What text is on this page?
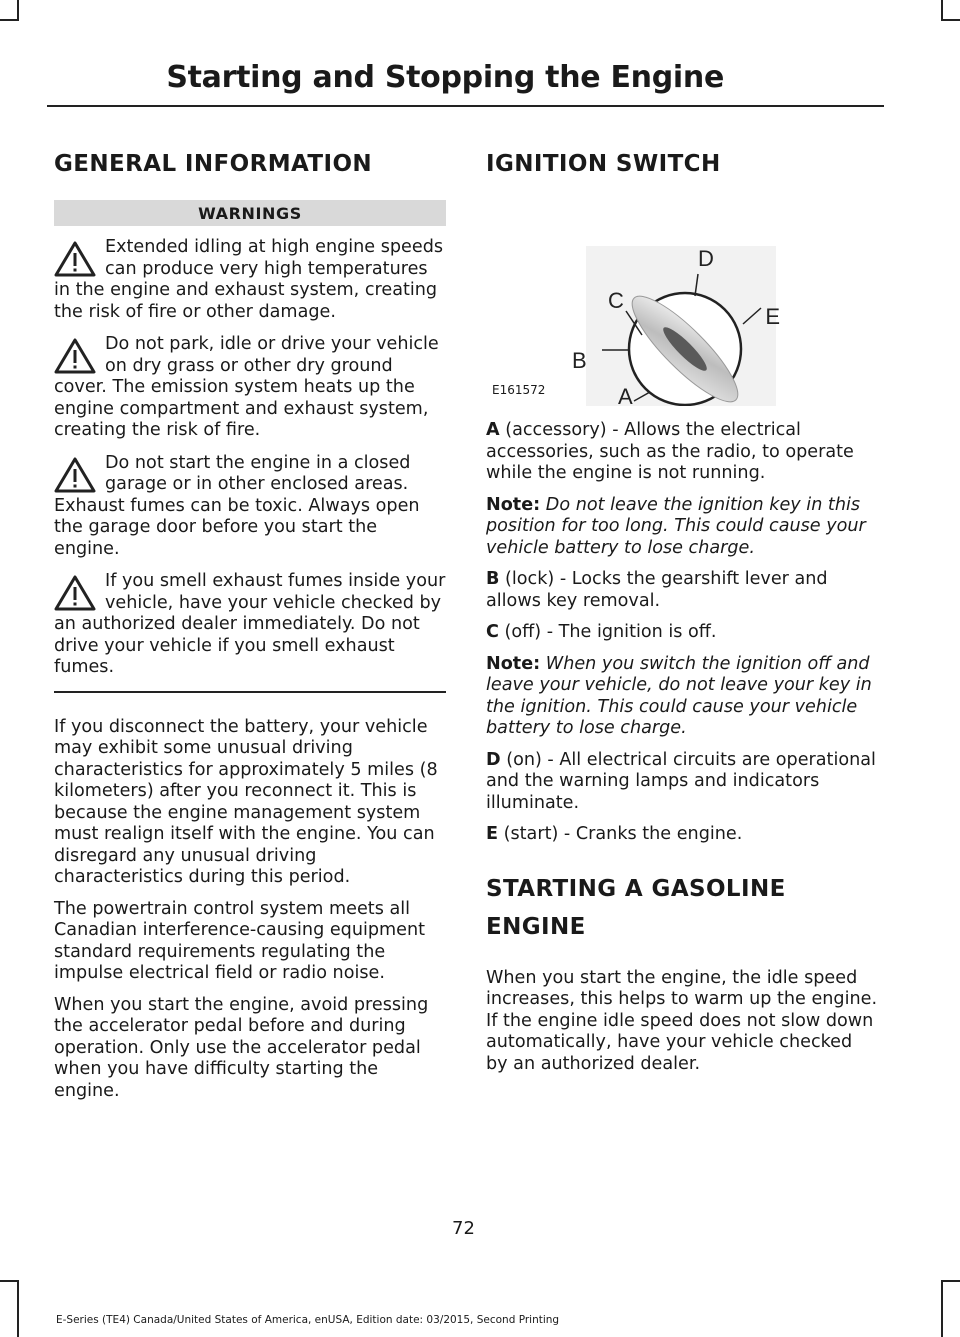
Starting and Stopping the Engine
GENERAL INFORMATION
WARNINGS

Extended idling at high engine speeds can produce very high temperatures in the engine and exhaust system, creating the risk of fire or other damage.

Do not park, idle or drive your vehicle on dry grass or other dry ground cover. The emission system heats up the engine compartment and exhaust system, creating the risk of fire.

Do not start the engine in a closed garage or in other enclosed areas. Exhaust fumes can be toxic. Always open the garage door before you start the engine.

If you smell exhaust fumes inside your vehicle, have your vehicle checked by an authorized dealer immediately. Do not drive your vehicle if you smell exhaust fumes.

If you disconnect the battery, your vehicle may exhibit some unusual driving characteristics for approximately 5 miles (8 kilometers) after you reconnect it. This is because the engine management system must realign itself with the engine. You can disregard any unusual driving characteristics during this period.

The powertrain control system meets all Canadian interference-causing equipment standard requirements regulating the impulse electrical field or radio noise.

When you start the engine, avoid pressing the accelerator pedal before and during operation. Only use the accelerator pedal when you have difficulty starting the engine.

IGNITION SWITCH
C
D
E
B
A
E161572

A (accessory) - Allows the electrical accessories, such as the radio, to operate while the engine is not running.

Note: Do not leave the ignition key in this position for too long. This could cause your vehicle battery to lose charge.

B (lock) - Locks the gearshift lever and allows key removal.

C (off) - The ignition is off.

Note: When you switch the ignition off and leave your vehicle, do not leave your key in the ignition. This could cause your vehicle battery to lose charge.

D (on) - All electrical circuits are operational and the warning lamps and indicators illuminate.

E (start) - Cranks the engine.

STARTING A GASOLINE
ENGINE

When you start the engine, the idle speed increases, this helps to warm up the engine. If the engine idle speed does not slow down automatically, have your vehicle checked by an authorized dealer.

72
E-Series (TE4) Canada/United States of America, enUSA, Edition date: 03/2015, Second Printing
